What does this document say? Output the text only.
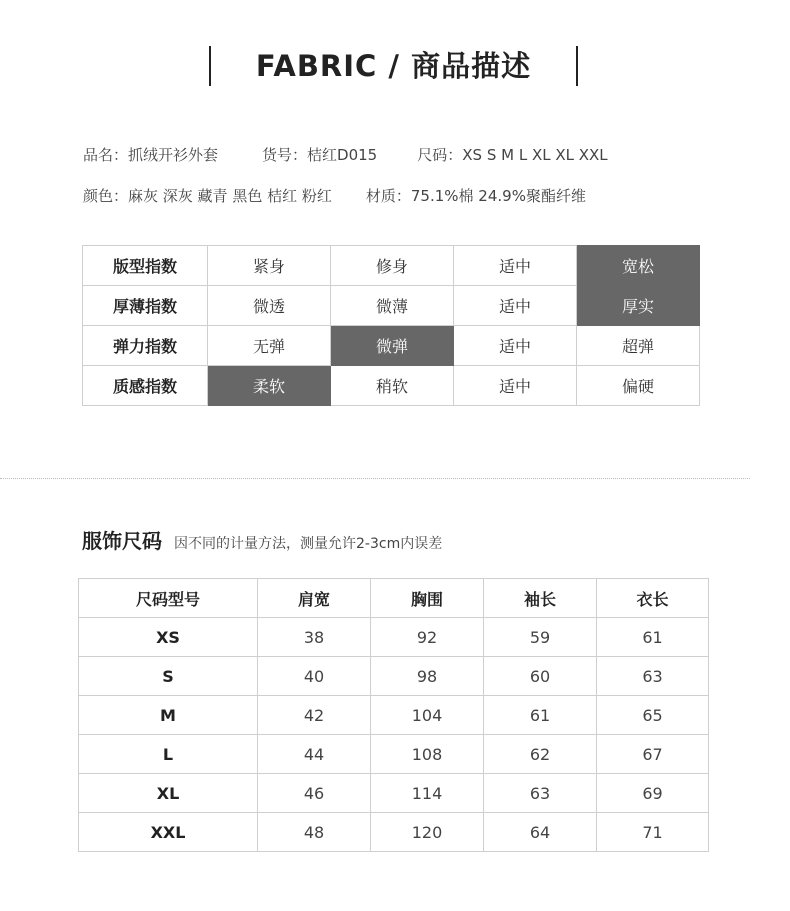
FABRIC / 商品描述
品名：抓绒开衫外套	货号：桔红D015	尺码：XS S M L XL XL XXL
颜色：麻灰 深灰 藏青 黑色 桔红 粉红 材质：75.1%棉 24.9%聚酯纤维
版型指数	紧身	修身	适中	宽松
厚薄指数	微透	微薄	适中	厚实
弹力指数	无弹	微弹	适中	超弹
质感指数	柔软	稍软	适中	偏硬
服饰尺码 因不同的计量方法，测量允许2-3cm内误差
尺码型号	肩宽	胸围	袖长	衣长
XS	38	92	59	61
S	40	98	60	63
M	42	104	61	65
L	44	108	62	67
XL	46	114	63	69
XXL	48	120	64	71
